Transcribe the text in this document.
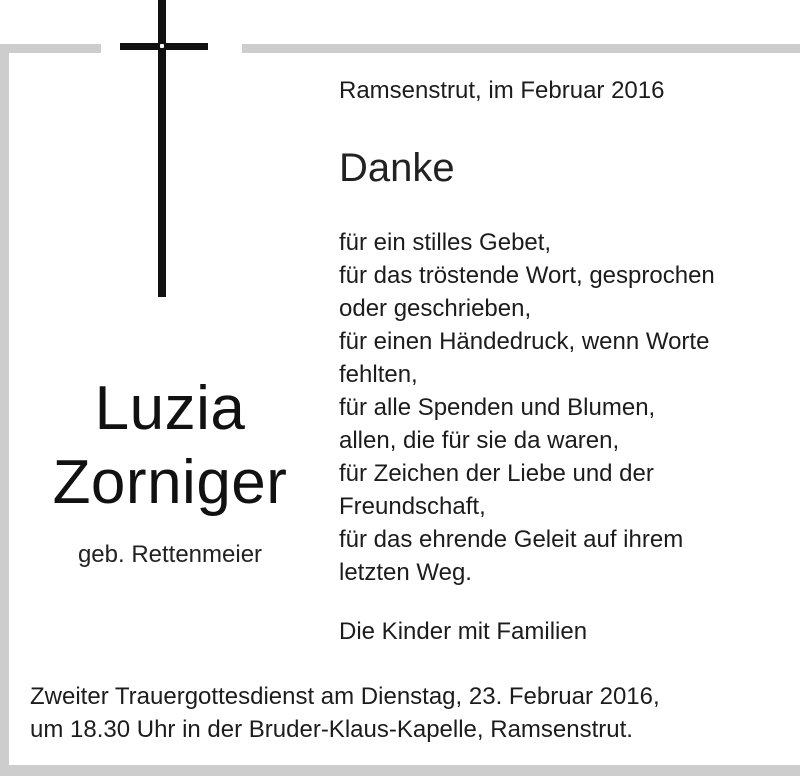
Luzia
Zorniger
geb. Rettenmeier
Ramsenstrut, im Februar 2016
Danke
für ein stilles Gebet,
für das tröstende Wort, gesprochen
oder geschrieben,
für einen Händedruck, wenn Worte
fehlten,
für alle Spenden und Blumen,
allen, die für sie da waren,
für Zeichen der Liebe und der
Freundschaft,
für das ehrende Geleit auf ihrem
letzten Weg.
Die Kinder mit Familien
Zweiter Trauergottesdienst am Dienstag, 23. Februar 2016,
um 18.30 Uhr in der Bruder-Klaus-Kapelle, Ramsenstrut.
